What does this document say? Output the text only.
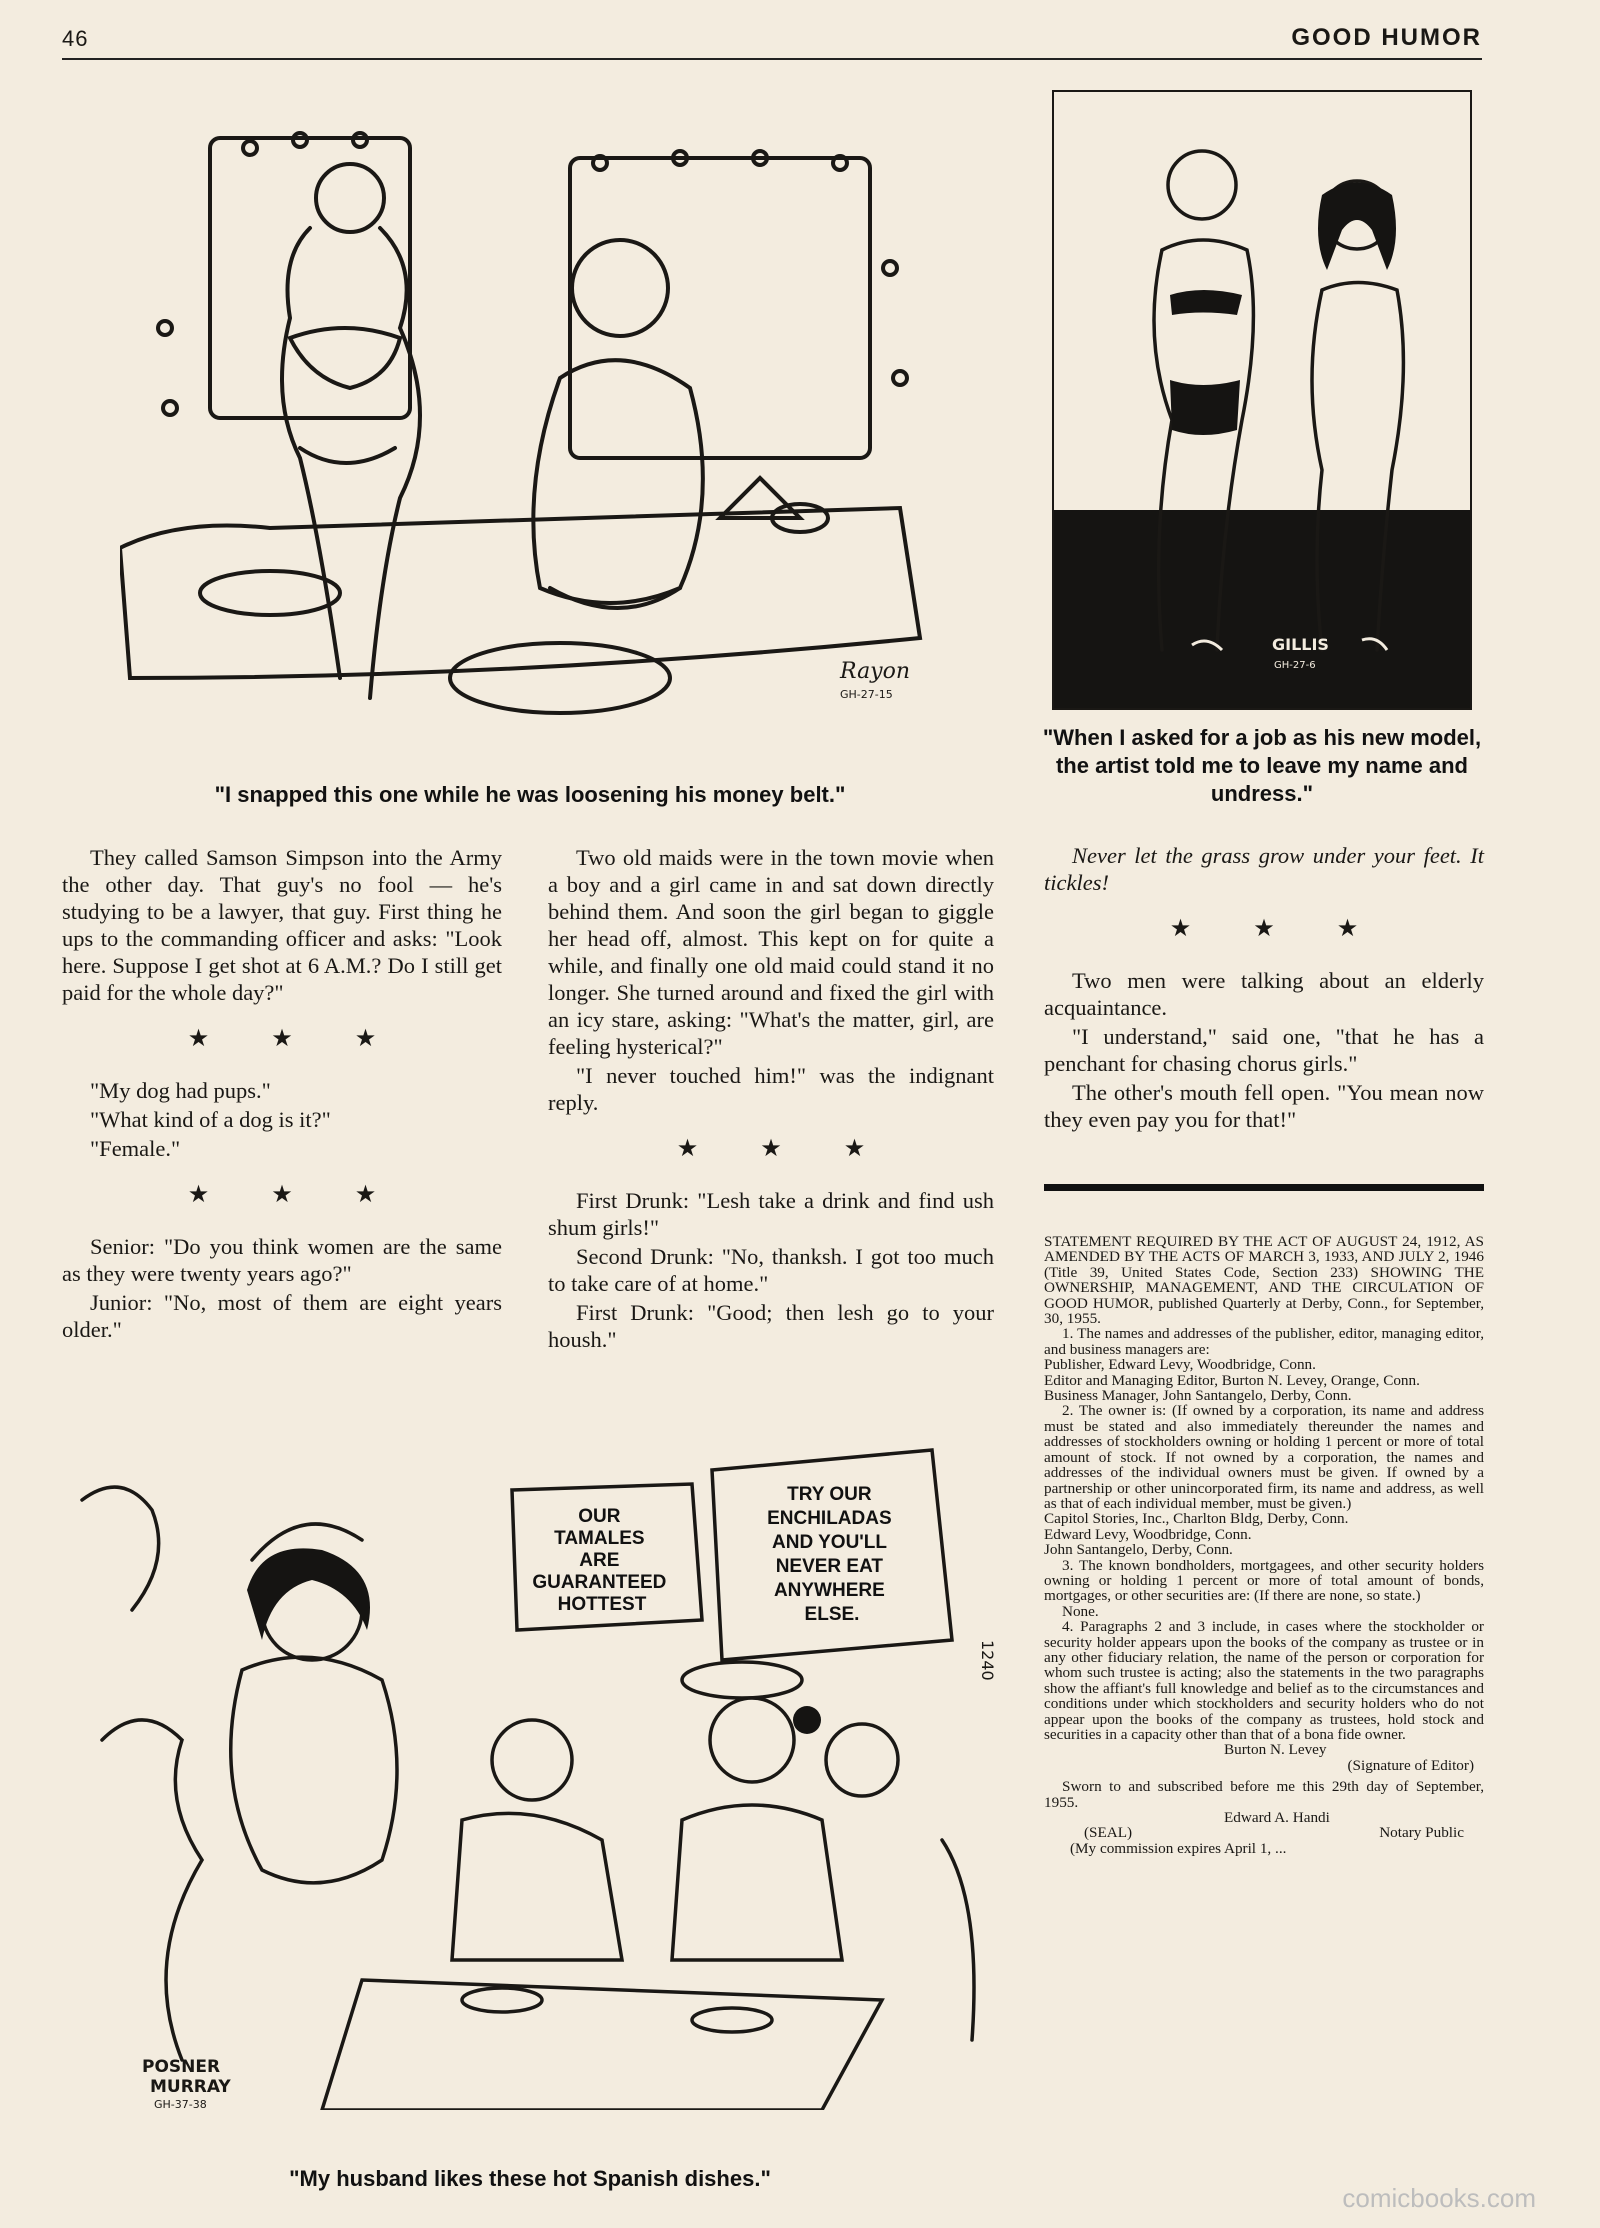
46	GOOD HUMOR
Rayon
GH-27-15
"I snapped this one while he was loosening his money belt."
GILLIS
GH-27-6
"When I asked for a job as his new model, the artist told me to leave my name and undress."

They called Samson Simpson into the Army the other day. That guy's no fool — he's studying to be a lawyer, that guy. First thing he ups to the commanding officer and asks: "Look here. Suppose I get shot at 6 A.M.? Do I still get paid for the whole day?"

★ ★ ★

"My dog had pups."

"What kind of a dog is it?"

"Female."

★ ★ ★

Senior: "Do you think women are the same as they were twenty years ago?"

Junior: "No, most of them are eight years older."

Two old maids were in the town movie when a boy and a girl came in and sat down directly behind them. And soon the girl began to giggle her head off, almost. This kept on for quite a while, and finally one old maid could stand it no longer. She turned around and fixed the girl with an icy stare, asking: "What's the matter, girl, are feeling hysterical?"

"I never touched him!" was the indignant reply.

★ ★ ★

First Drunk: "Lesh take a drink and find ush shum girls!"

Second Drunk: "No, thanksh. I got too much to take care of at home."

First Drunk: "Good; then lesh go to your housh."

Never let the grass grow under your feet. It tickles!

★ ★ ★

Two men were talking about an elderly acquaintance.

"I understand," said one, "that he has a penchant for chasing chorus girls."

The other's mouth fell open. "You mean now they even pay you for that!"

STATEMENT REQUIRED BY THE ACT OF AUGUST 24, 1912, AS AMENDED BY THE ACTS OF MARCH 3, 1933, AND JULY 2, 1946 (Title 39, United States Code, Section 233) SHOWING THE OWNERSHIP, MANAGEMENT, AND THE CIRCULATION OF GOOD HUMOR, published Quarterly at Derby, Conn., for September, 30, 1955.

1. The names and addresses of the publisher, editor, managing editor, and business managers are:

Publisher, Edward Levy, Woodbridge, Conn.

Editor and Managing Editor, Burton N. Levey, Orange, Conn.

Business Manager, John Santangelo, Derby, Conn.

2. The owner is: (If owned by a corporation, its name and address must be stated and also immediately thereunder the names and addresses of stockholders owning or holding 1 percent or more of total amount of stock. If not owned by a corporation, the names and addresses of the individual owners must be given. If owned by a partnership or other unincorporated firm, its name and address, as well as that of each individual member, must be given.)

Capitol Stories, Inc., Charlton Bldg, Derby, Conn.

Edward Levy, Woodbridge, Conn.

John Santangelo, Derby, Conn.

3. The known bondholders, mortgagees, and other security holders owning or holding 1 percent or more of total amount of bonds, mortgages, or other securities are: (If there are none, so state.)

None.

4. Paragraphs 2 and 3 include, in cases where the stockholder or security holder appears upon the books of the company as trustee or in any other fiduciary relation, the name of the person or corporation for whom such trustee is acting; also the statements in the two paragraphs show the affiant's full knowledge and belief as to the circumstances and conditions under which stockholders and security holders who do not appear upon the books of the company as trustees, hold stock and securities in a capacity other than that of a bona fide owner.

Burton N. Levey

(Signature of Editor)

Sworn to and subscribed before me this 29th day of September, 1955.

Edward A. Handi

(SEAL)	Notary Public

(My commission expires April 1, ...

OUR TAMALES ARE GUARANTEED HOTTEST
TRY OUR ENCHILADAS AND YOU'LL NEVER EAT ANYWHERE ELSE.
1240
POSNER
MURRAY
GH-37-38
"My husband likes these hot Spanish dishes."
comicbooks.com
